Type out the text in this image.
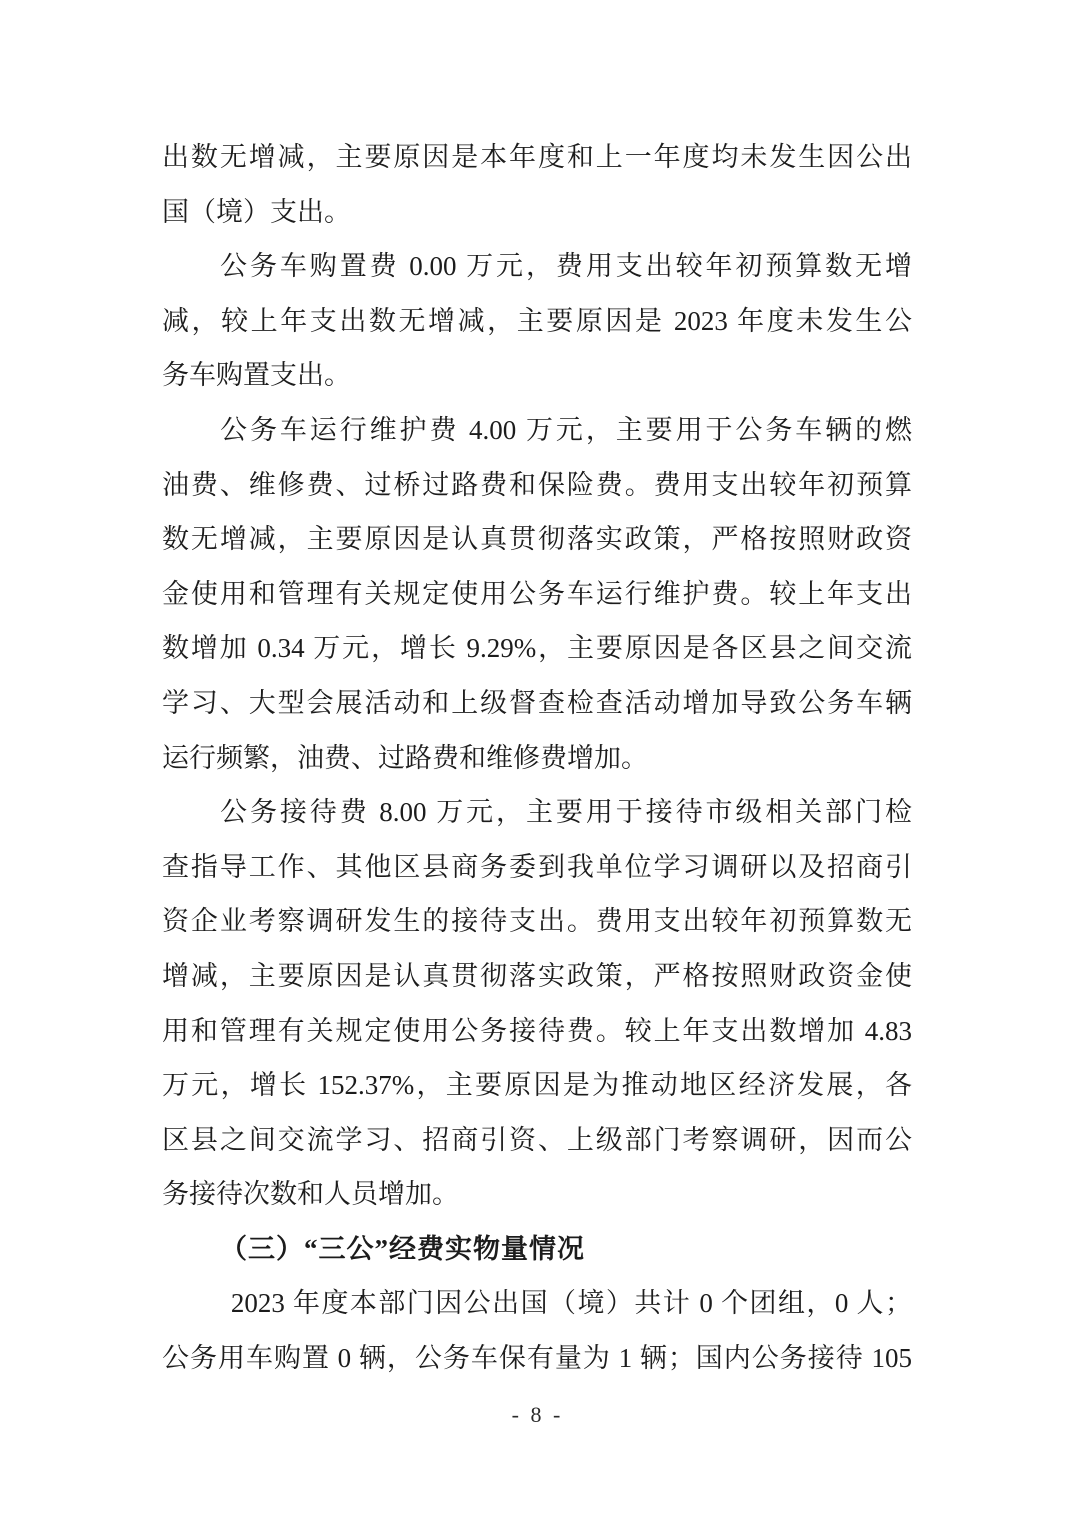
出数无增减，主要原因是本年度和上一年度均未发生因公出

国（境）支出。

公务车购置费 0.00 万元，费用支出较年初预算数无增

减，较上年支出数无增减，主要原因是 2023 年度未发生公

务车购置支出。

公务车运行维护费 4.00 万元，主要用于公务车辆的燃

油费、维修费、过桥过路费和保险费。费用支出较年初预算

数无增减，主要原因是认真贯彻落实政策，严格按照财政资

金使用和管理有关规定使用公务车运行维护费。较上年支出

数增加 0.34 万元，增长 9.29%，主要原因是各区县之间交流

学习、大型会展活动和上级督查检查活动增加导致公务车辆

运行频繁，油费、过路费和维修费增加。

公务接待费 8.00 万元，主要用于接待市级相关部门检

查指导工作、其他区县商务委到我单位学习调研以及招商引

资企业考察调研发生的接待支出。费用支出较年初预算数无

增减，主要原因是认真贯彻落实政策，严格按照财政资金使

用和管理有关规定使用公务接待费。较上年支出数增加 4.83

万元，增长 152.37%，主要原因是为推动地区经济发展，各

区县之间交流学习、招商引资、上级部门考察调研，因而公

务接待次数和人员增加。

（三）“三公”经费实物量情况

2023 年度本部门因公出国（境）共计 0 个团组，0 人；

公务用车购置 0 辆，公务车保有量为 1 辆；国内公务接待 105

- 8 -
